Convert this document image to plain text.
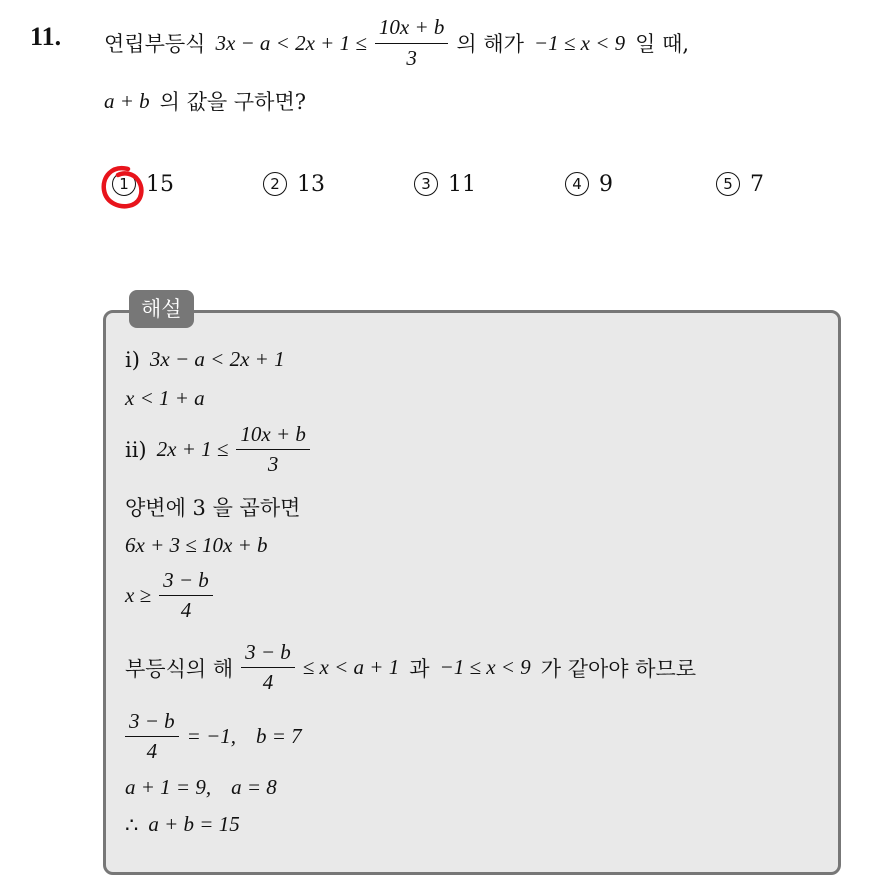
11. 연립부등식 $3x - a < 2x + 1 \le \frac{10x + b}{3}$ 의 해가 −1 ≤ x < 9 일 때,
a + b 의 값을 구하면?
1 15	2 13	3 11	4 9	5 7
해설
i) 3x − a < 2x + 1
x < 1 + a
ii) $2x + 1 \le \frac{10x + b}{3}$
양변에 3 을 곱하면
6x + 3 ≤ 10x + b
$x \ge \frac{3 - b}{4}$
부등식의 해 $\frac{3 - b}{4} \le x < a + 1$ 과 −1 ≤ x < 9 가 같아야 하므로
$\frac{3 - b}{4} = -1$, b = 7
a + 1 = 9, a = 8
∴ a + b = 15
